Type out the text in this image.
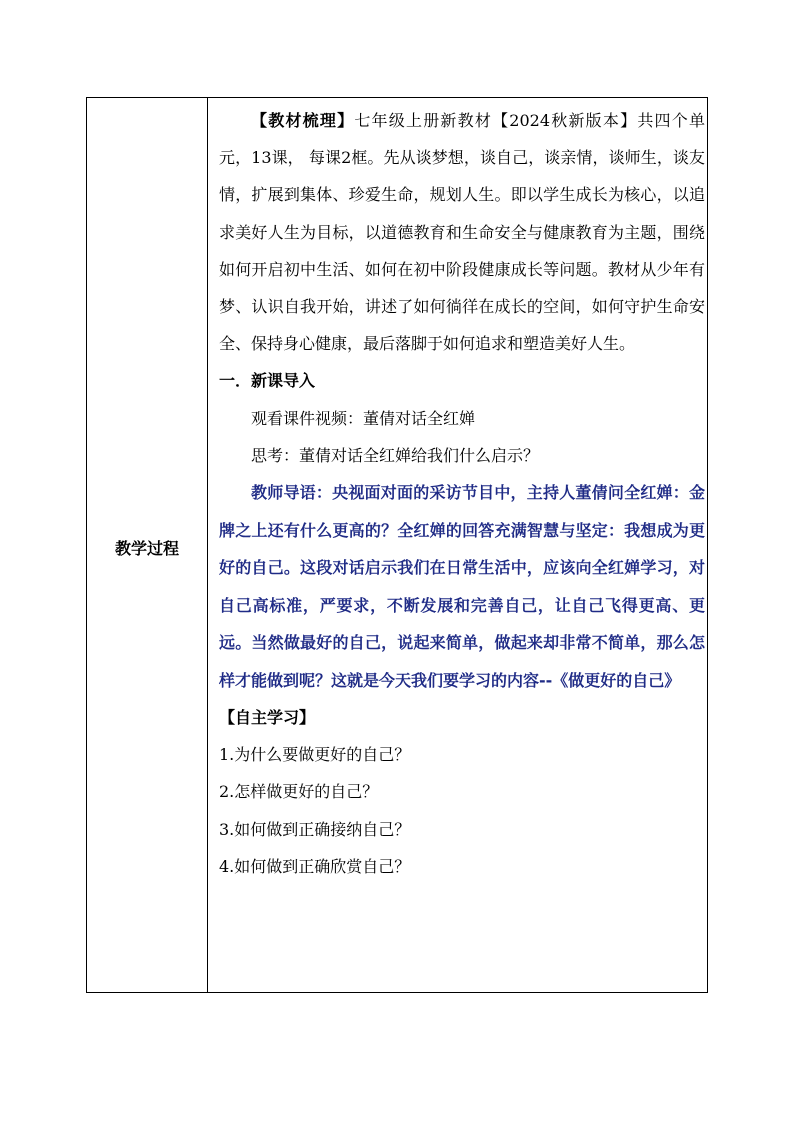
教学过程

【教材梳理】七年级上册新教材【2024秋新版本】共四个单元，13课， 每课2框。先从谈梦想，谈自己，谈亲情，谈师生，谈友情，扩展到集体、珍爱生命，规划人生。即以学生成长为核心，以追求美好人生为目标，以道德教育和生命安全与健康教育为主题，围绕如何开启初中生活、如何在初中阶段健康成长等问题。教材从少年有梦、认识自我开始，讲述了如何徜徉在成长的空间，如何守护生命安全、保持身心健康，最后落脚于如何追求和塑造美好人生。

一．新课导入

观看课件视频：董倩对话全红婵

思考：董倩对话全红婵给我们什么启示？

教师导语：央视面对面的采访节目中，主持人董倩问全红婵：金牌之上还有什么更高的？全红婵的回答充满智慧与坚定：我想成为更好的自己。这段对话启示我们在日常生活中，应该向全红婵学习，对自己高标准，严要求，不断发展和完善自己，让自己飞得更高、更远。当然做最好的自己，说起来简单，做起来却非常不简单，那么怎样才能做到呢？这就是今天我们要学习的内容--《做更好的自己》

【自主学习】

1.为什么要做更好的自己？

2.怎样做更好的自己？

3.如何做到正确接纳自己？

4.如何做到正确欣赏自己？
